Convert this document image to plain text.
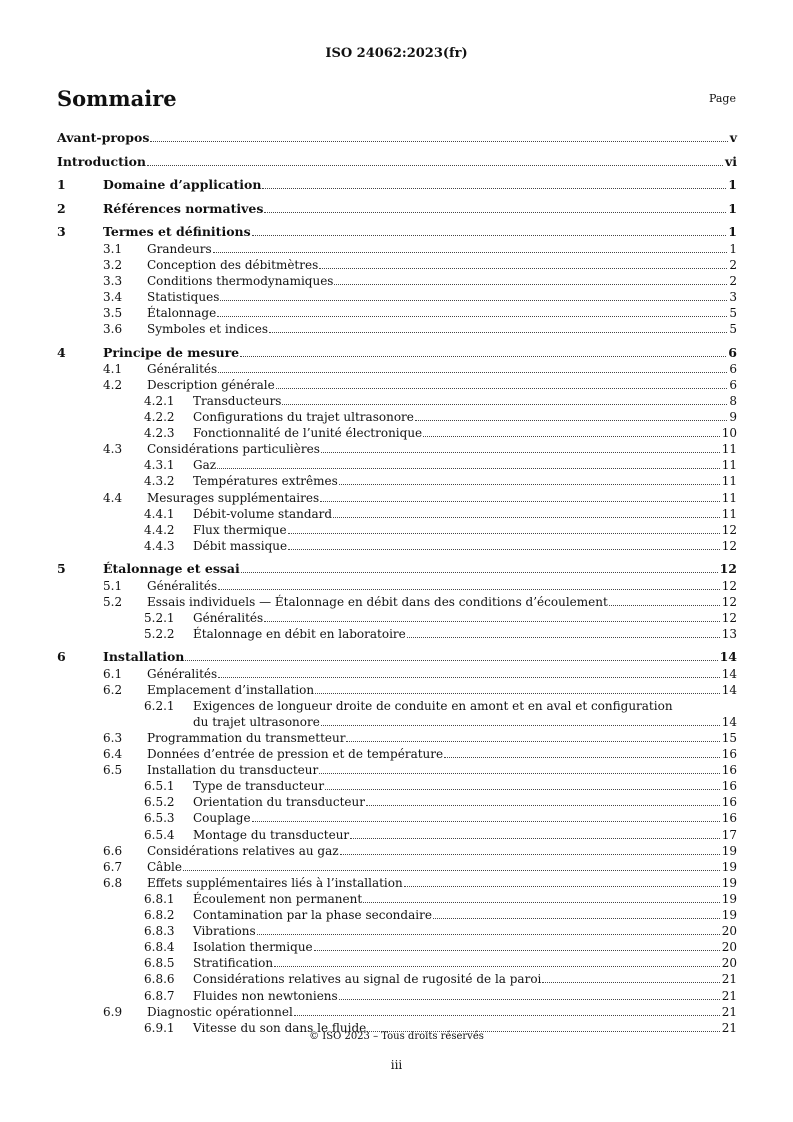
ISO 24062:2023(fr)
Sommaire	Page
Avant-propos	v
Introduction	vi
1	Domaine d’application	1
2	Références normatives	1
3	Termes et définitions	1
3.1 Grandeurs	1
3.2 Conception des débitmètres	2
3.3 Conditions thermodynamiques	2
3.4 Statistiques	3
3.5 Étalonnage	5
3.6 Symboles et indices	5
4	Principe de mesure	6
4.1 Généralités	6
4.2 Description générale	6
4.2.1 Transducteurs	8
4.2.2 Configurations du trajet ultrasonore	9
4.2.3 Fonctionnalité de l’unité électronique	10
4.3 Considérations particulières	11
4.3.1 Gaz	11
4.3.2 Températures extrêmes	11
4.4 Mesurages supplémentaires	11
4.4.1 Débit-volume standard	11
4.4.2 Flux thermique	12
4.4.3 Débit massique	12
5	Étalonnage et essai	12
5.1 Généralités	12
5.2 Essais individuels — Étalonnage en débit dans des conditions d’écoulement	12
5.2.1 Généralités	12
5.2.2 Étalonnage en débit en laboratoire	13
6	Installation	14
6.1 Généralités	14
6.2 Emplacement d’installation	14
6.2.1 Exigences de longueur droite de conduite en amont et en aval et configuration
du trajet ultrasonore	14
6.3 Programmation du transmetteur	15
6.4 Données d’entrée de pression et de température	16
6.5 Installation du transducteur	16
6.5.1 Type de transducteur	16
6.5.2 Orientation du transducteur	16
6.5.3 Couplage	16
6.5.4 Montage du transducteur	17
6.6 Considérations relatives au gaz	19
6.7 Câble	19
6.8 Effets supplémentaires liés à l’installation	19
6.8.1 Écoulement non permanent	19
6.8.2 Contamination par la phase secondaire	19
6.8.3 Vibrations	20
6.8.4 Isolation thermique	20
6.8.5 Stratification	20
6.8.6 Considérations relatives au signal de rugosité de la paroi	21
6.8.7 Fluides non newtoniens	21
6.9 Diagnostic opérationnel	21
6.9.1 Vitesse du son dans le fluide	21
© ISO 2023 – Tous droits réservés
iii
